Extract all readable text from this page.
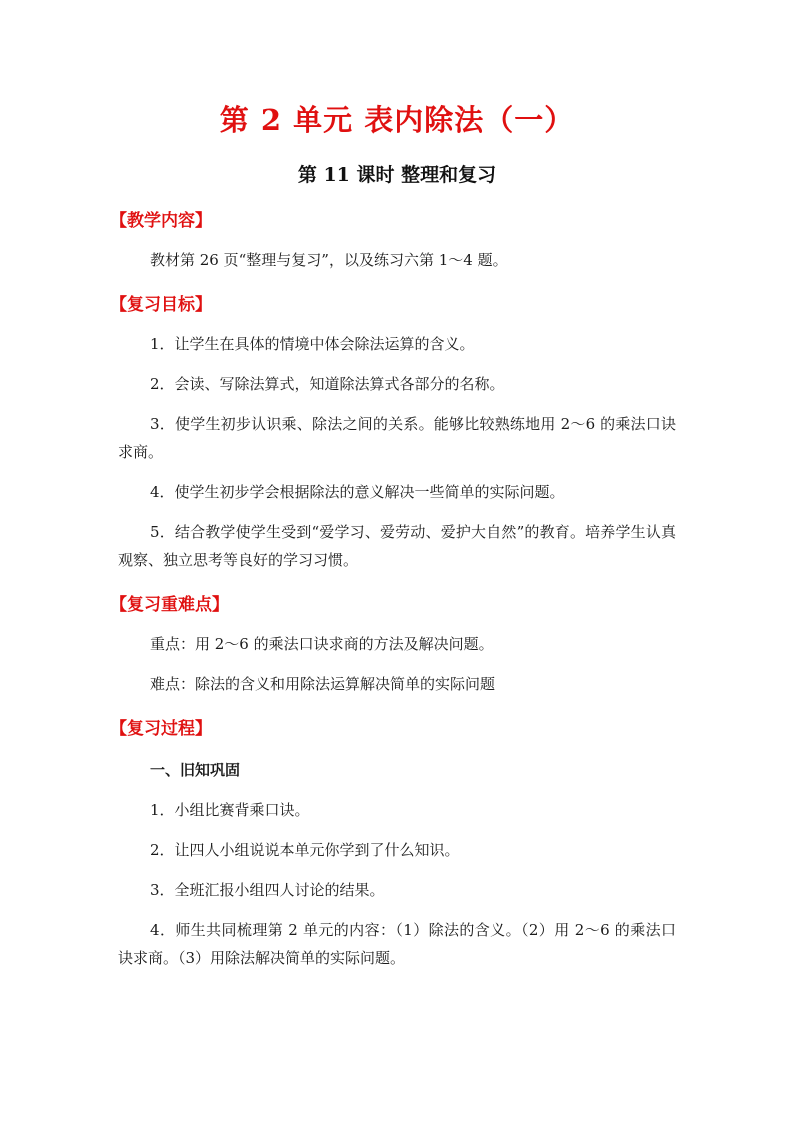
第 2 单元 表内除法（一）
第 11 课时 整理和复习
【教学内容】

教材第 26 页“整理与复习”，以及练习六第 1～4 题。

【复习目标】

1．让学生在具体的情境中体会除法运算的含义。

2．会读、写除法算式，知道除法算式各部分的名称。

3．使学生初步认识乘、除法之间的关系。能够比较熟练地用 2～6 的乘法口诀求商。

4．使学生初步学会根据除法的意义解决一些简单的实际问题。

5．结合教学使学生受到“爱学习、爱劳动、爱护大自然”的教育。培养学生认真观察、独立思考等良好的学习习惯。

【复习重难点】

重点：用 2～6 的乘法口诀求商的方法及解决问题。

难点：除法的含义和用除法运算解决简单的实际问题

【复习过程】
一、旧知巩固

1．小组比赛背乘口诀。

2．让四人小组说说本单元你学到了什么知识。

3．全班汇报小组四人讨论的结果。

4．师生共同梳理第 2 单元的内容：（1）除法的含义。（2）用 2～6 的乘法口诀求商。（3）用除法解决简单的实际问题。
